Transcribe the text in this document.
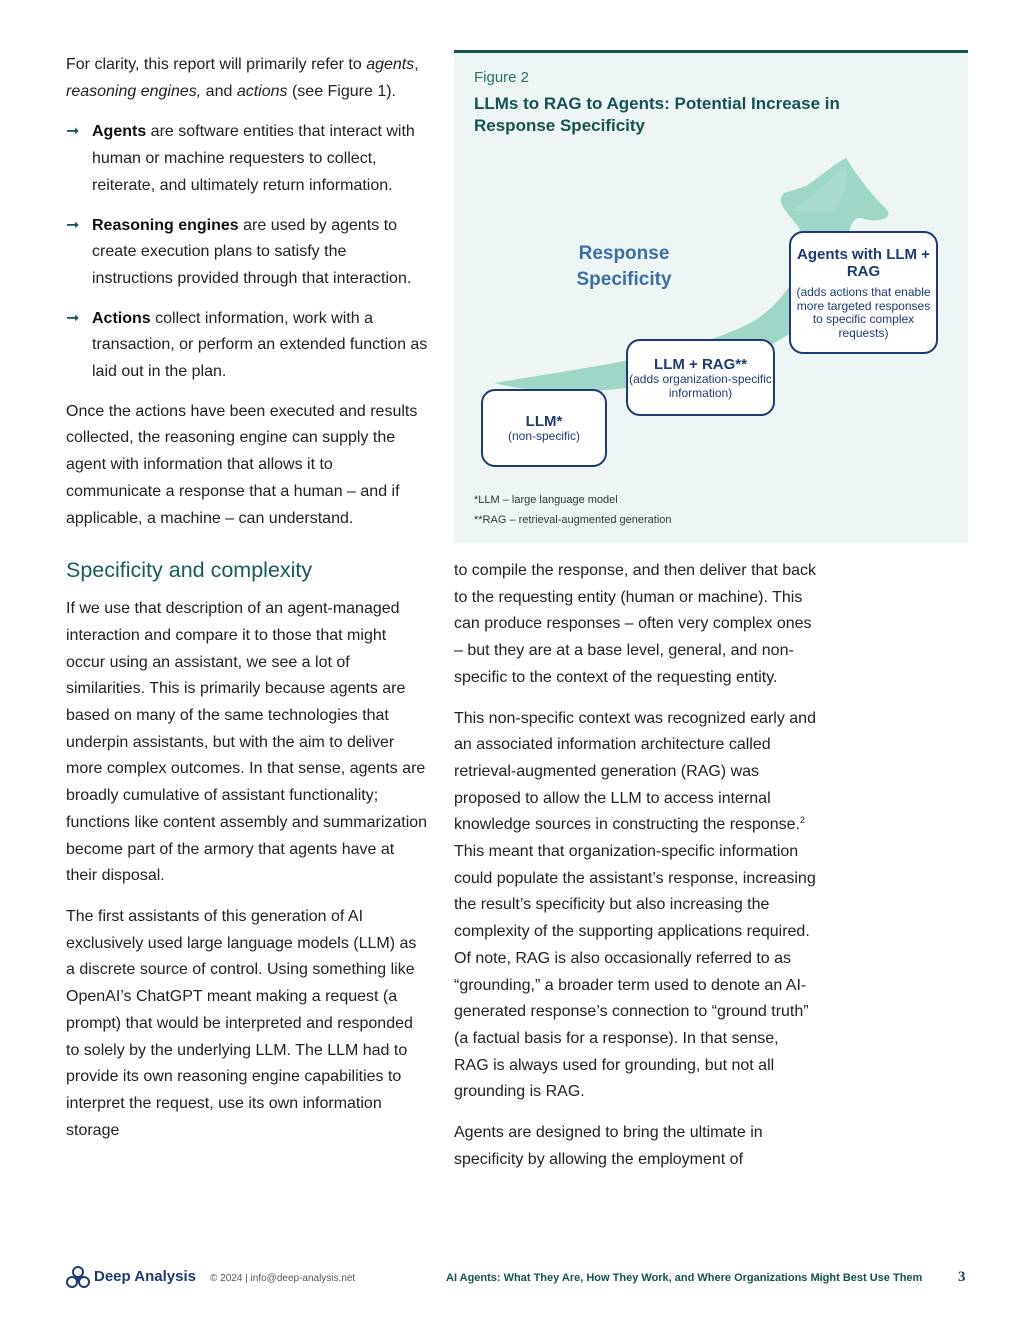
For clarity, this report will primarily refer to agents, reasoning engines, and actions (see Figure 1).

➞ Agents are software entities that interact with human or machine requesters to collect, reiterate, and ultimately return information.
➞ Reasoning engines are used by agents to create execution plans to satisfy the instructions provided through that interaction.
➞ Actions collect information, work with a transaction, or perform an extended function as laid out in the plan.

Once the actions have been executed and results collected, the reasoning engine can supply the agent with information that allows it to communicate a response that a human – and if applicable, a machine – can understand.

Specificity and complexity

If we use that description of an agent-managed interaction and compare it to those that might occur using an assistant, we see a lot of similarities. This is primarily because agents are based on many of the same technologies that underpin assistants, but with the aim to deliver more complex outcomes. In that sense, agents are broadly cumulative of assistant functionality; functions like content assembly and summarization become part of the armory that agents have at their disposal.

The first assistants of this generation of AI exclusively used large language models (LLM) as a discrete source of control. Using something like OpenAI’s ChatGPT meant making a request (a prompt) that would be interpreted and responded to solely by the underlying LLM. The LLM had to provide its own reasoning engine capabilities to interpret the request, use its own information storage

Figure 2
LLMs to RAG to Agents: Potential Increase in Response Specificity
Response Specificity
LLM*
(non-specific)
LLM + RAG**
(adds organization-specific information)
Agents with LLM + RAG
(adds actions that enable more targeted responses to specific complex requests)
*LLM – large language model
**RAG – retrieval-augmented generation

to compile the response, and then deliver that back to the requesting entity (human or machine). This can produce responses – often very complex ones – but they are at a base level, general, and non-specific to the context of the requesting entity.

This non-specific context was recognized early and an associated information architecture called retrieval-augmented generation (RAG) was proposed to allow the LLM to access internal knowledge sources in constructing the response.$^2$ This meant that organization-specific information could populate the assistant’s response, increasing the result’s specificity but also increasing the complexity of the supporting applications required. Of note, RAG is also occasionally referred to as “grounding,” a broader term used to denote an AI-generated response’s connection to “ground truth” (a factual basis for a response). In that sense, RAG is always used for grounding, but not all grounding is RAG.

Agents are designed to bring the ultimate in specificity by allowing the employment of

Deep Analysis © 2024 | info@deep-analysis.net	AI Agents: What They Are, How They Work, and Where Organizations Might Best Use Them 3
